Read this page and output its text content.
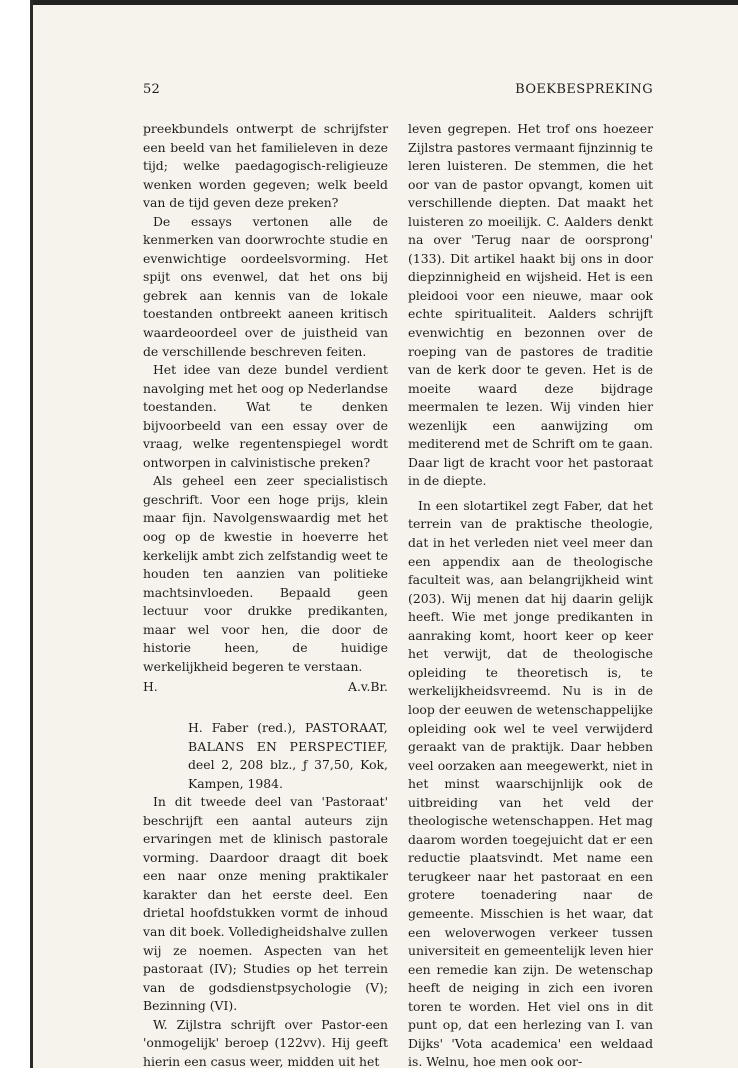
52	BOEKBESPREKING

preekbundels ontwerpt de schrijfster een beeld van het familieleven in deze tijd; welke paedagogisch-religieuze wenken worden gegeven; welk beeld van de tijd geven deze preken?

De essays vertonen alle de kenmerken van doorwrochte studie en evenwichtige oordeelsvorming. Het spijt ons evenwel, dat het ons bij gebrek aan kennis van de lokale toestanden ontbreekt aaneen kritisch waardeoordeel over de juistheid van de verschillende beschreven feiten.

Het idee van deze bundel verdient navolging met het oog op Nederlandse toestanden. Wat te denken bijvoorbeeld van een essay over de vraag, welke regentenspiegel wordt ontworpen in calvinistische preken?

Als geheel een zeer specialistisch geschrift. Voor een hoge prijs, klein maar fijn. Navolgenswaardig met het oog op de kwestie in hoeverre het kerkelijk ambt zich zelfstandig weet te houden ten aanzien van politieke machtsinvloeden. Bepaald geen lectuur voor drukke predikanten, maar wel voor hen, die door de historie heen, de huidige werkelijkheid begeren te verstaan.

H.	A.v.Br.
H. Faber (red.), PASTORAAT, BALANS EN PERSPECTIEF, deel 2, 208 blz., ƒ 37,50, Kok, Kampen, 1984.

In dit tweede deel van 'Pastoraat' beschrijft een aantal auteurs zijn ervaringen met de klinisch pastorale vorming. Daardoor draagt dit boek een naar onze mening praktikaler karakter dan het eerste deel. Een drietal hoofdstukken vormt de inhoud van dit boek. Volledigheidshalve zullen wij ze noemen. Aspecten van het pastoraat (IV); Studies op het terrein van de godsdienstpsychologie (V); Bezinning (VI).

W. Zijlstra schrijft over Pastor-een 'onmogelijk' beroep (122vv). Hij geeft hierin een casus weer, midden uit het

leven gegrepen. Het trof ons hoezeer Zijlstra pastores vermaant fijnzinnig te leren luisteren. De stemmen, die het oor van de pastor opvangt, komen uit verschillende diepten. Dat maakt het luisteren zo moeilijk. C. Aalders denkt na over 'Terug naar de oorsprong' (133). Dit artikel haakt bij ons in door diepzinnigheid en wijsheid. Het is een pleidooi voor een nieuwe, maar ook echte spiritualiteit. Aalders schrijft evenwichtig en bezonnen over de roeping van de pastores de traditie van de kerk door te geven. Het is de moeite waard deze bijdrage meermalen te lezen. Wij vinden hier wezenlijk een aanwijzing om mediterend met de Schrift om te gaan. Daar ligt de kracht voor het pastoraat in de diepte.

In een slotartikel zegt Faber, dat het terrein van de praktische theologie, dat in het verleden niet veel meer dan een appendix aan de theologische faculteit was, aan belangrijkheid wint (203). Wij menen dat hij daarin gelijk heeft. Wie met jonge predikanten in aanraking komt, hoort keer op keer het verwijt, dat de theologische opleiding te theoretisch is, te werkelijkheidsvreemd. Nu is in de loop der eeuwen de wetenschappelijke opleiding ook wel te veel verwijderd geraakt van de praktijk. Daar hebben veel oorzaken aan meegewerkt, niet in het minst waarschijnlijk ook de uitbreiding van het veld der theologische wetenschappen. Het mag daarom worden toegejuicht dat er een reductie plaatsvindt. Met name een terugkeer naar het pastoraat en een grotere toenadering naar de gemeente. Misschien is het waar, dat een weloverwogen verkeer tussen universiteit en gemeentelijk leven hier een remedie kan zijn. De wetenschap heeft de neiging in zich een ivoren toren te worden. Het viel ons in dit punt op, dat een herlezing van I. van Dijks' 'Vota academica' een weldaad is. Welnu, hoe men ook oor-
